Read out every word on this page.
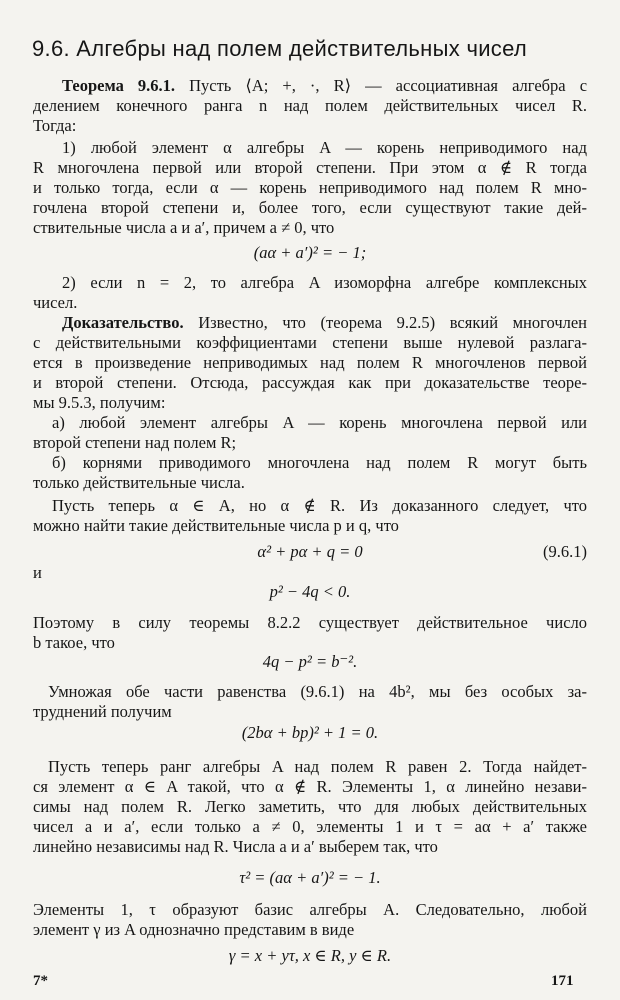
9.6. Алгебры над полем действительных чисел

Теорема 9.6.1. Пусть ⟨A; +, ·, R⟩ — ассоциативная алгебра с

делением конечного ранга n над полем действительных чисел R.

Тогда:

1) любой элемент α алгебры A — корень неприводимого над

R многочлена первой или второй степени. При этом α ∉ R тогда

и только тогда, если α — корень неприводимого над полем R мно-

гочлена второй степени и, более того, если существуют такие дей-

ствительные числа a и a′, причем a ≠ 0, что

(aα + a′)² = − 1;

2) если n = 2, то алгебра A изоморфна алгебре комплексных

чисел.

Доказательство. Известно, что (теорема 9.2.5) всякий многочлен

с действительными коэффициентами степени выше нулевой разлага-

ется в произведение неприводимых над полем R многочленов первой

и второй степени. Отсюда, рассуждая как при доказательстве теоре-

мы 9.5.3, получим:

а) любой элемент алгебры A — корень многочлена первой или

второй степени над полем R;

б) корнями приводимого многочлена над полем R могут быть

только действительные числа.

Пусть теперь α ∈ A, но α ∉ R. Из доказанного следует, что

можно найти такие действительные числа p и q, что

α² + pα + q = 0	(9.6.1)
и

p² − 4q < 0.

Поэтому в силу теоремы 8.2.2 существует действительное число

b такое, что

4q − p² = b⁻².

Умножая обе части равенства (9.6.1) на 4b², мы без особых за-

труднений получим

(2bα + bp)² + 1 = 0.

Пусть теперь ранг алгебры A над полем R равен 2. Тогда найдет-

ся элемент α ∈ A такой, что α ∉ R. Элементы 1, α линейно незави-

симы над полем R. Легко заметить, что для любых действительных

чисел a и a′, если только a ≠ 0, элементы 1 и τ = aα + a′ также

линейно независимы над R. Числа a и a′ выберем так, что

τ² = (aα + a′)² = − 1.

Элементы 1, τ образуют базис алгебры A. Следовательно, любой

элемент γ из A однозначно представим в виде

γ = x + yτ, x ∈ R, y ∈ R.

7*	171
